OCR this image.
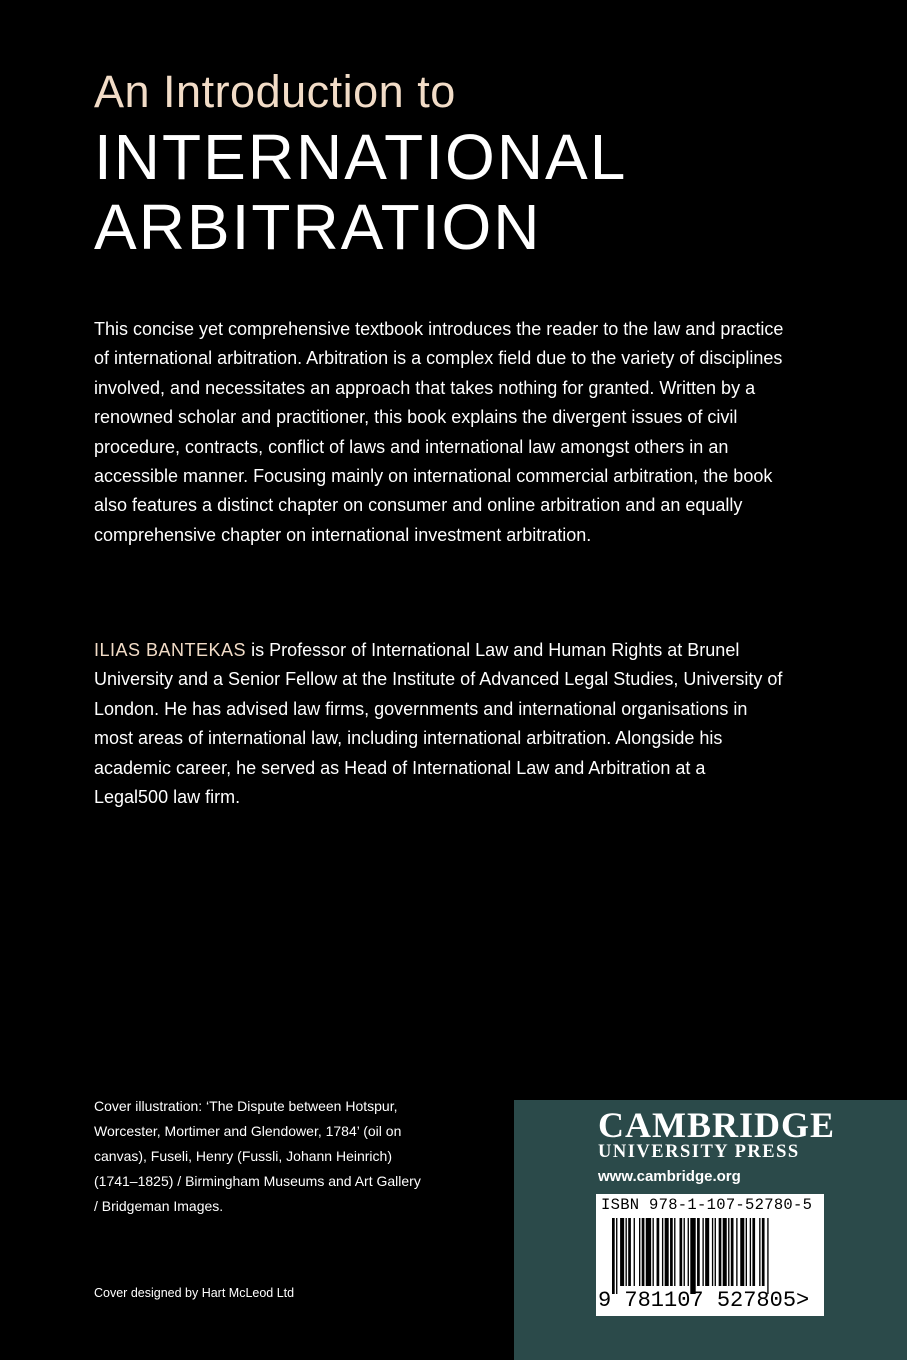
An Introduction to
INTERNATIONAL
ARBITRATION
This concise yet comprehensive textbook introduces the reader to the law and practice of international arbitration. Arbitration is a complex field due to the variety of disciplines involved, and necessitates an approach that takes nothing for granted. Written by a renowned scholar and practitioner, this book explains the divergent issues of civil procedure, contracts, conflict of laws and international law amongst others in an accessible manner. Focusing mainly on international commercial arbitration, the book also features a distinct chapter on consumer and online arbitration and an equally comprehensive chapter on international investment arbitration.
ILIAS BANTEKAS is Professor of International Law and Human Rights at Brunel University and a Senior Fellow at the Institute of Advanced Legal Studies, University of London. He has advised law firms, governments and international organisations in most areas of international law, including international arbitration. Alongside his academic career, he served as Head of International Law and Arbitration at a Legal500 law firm.
Cover illustration: ‘The Dispute between Hotspur, Worcester, Mortimer and Glendower, 1784’ (oil on canvas), Fuseli, Henry (Fussli, Johann Heinrich) (1741–1825) / Birmingham Museums and Art Gallery / Bridgeman Images.
Cover designed by Hart McLeod Ltd
CAMBRIDGE
UNIVERSITY PRESS
www.cambridge.org
ISBN 978-1-107-52780-5
9 781107 527805>
